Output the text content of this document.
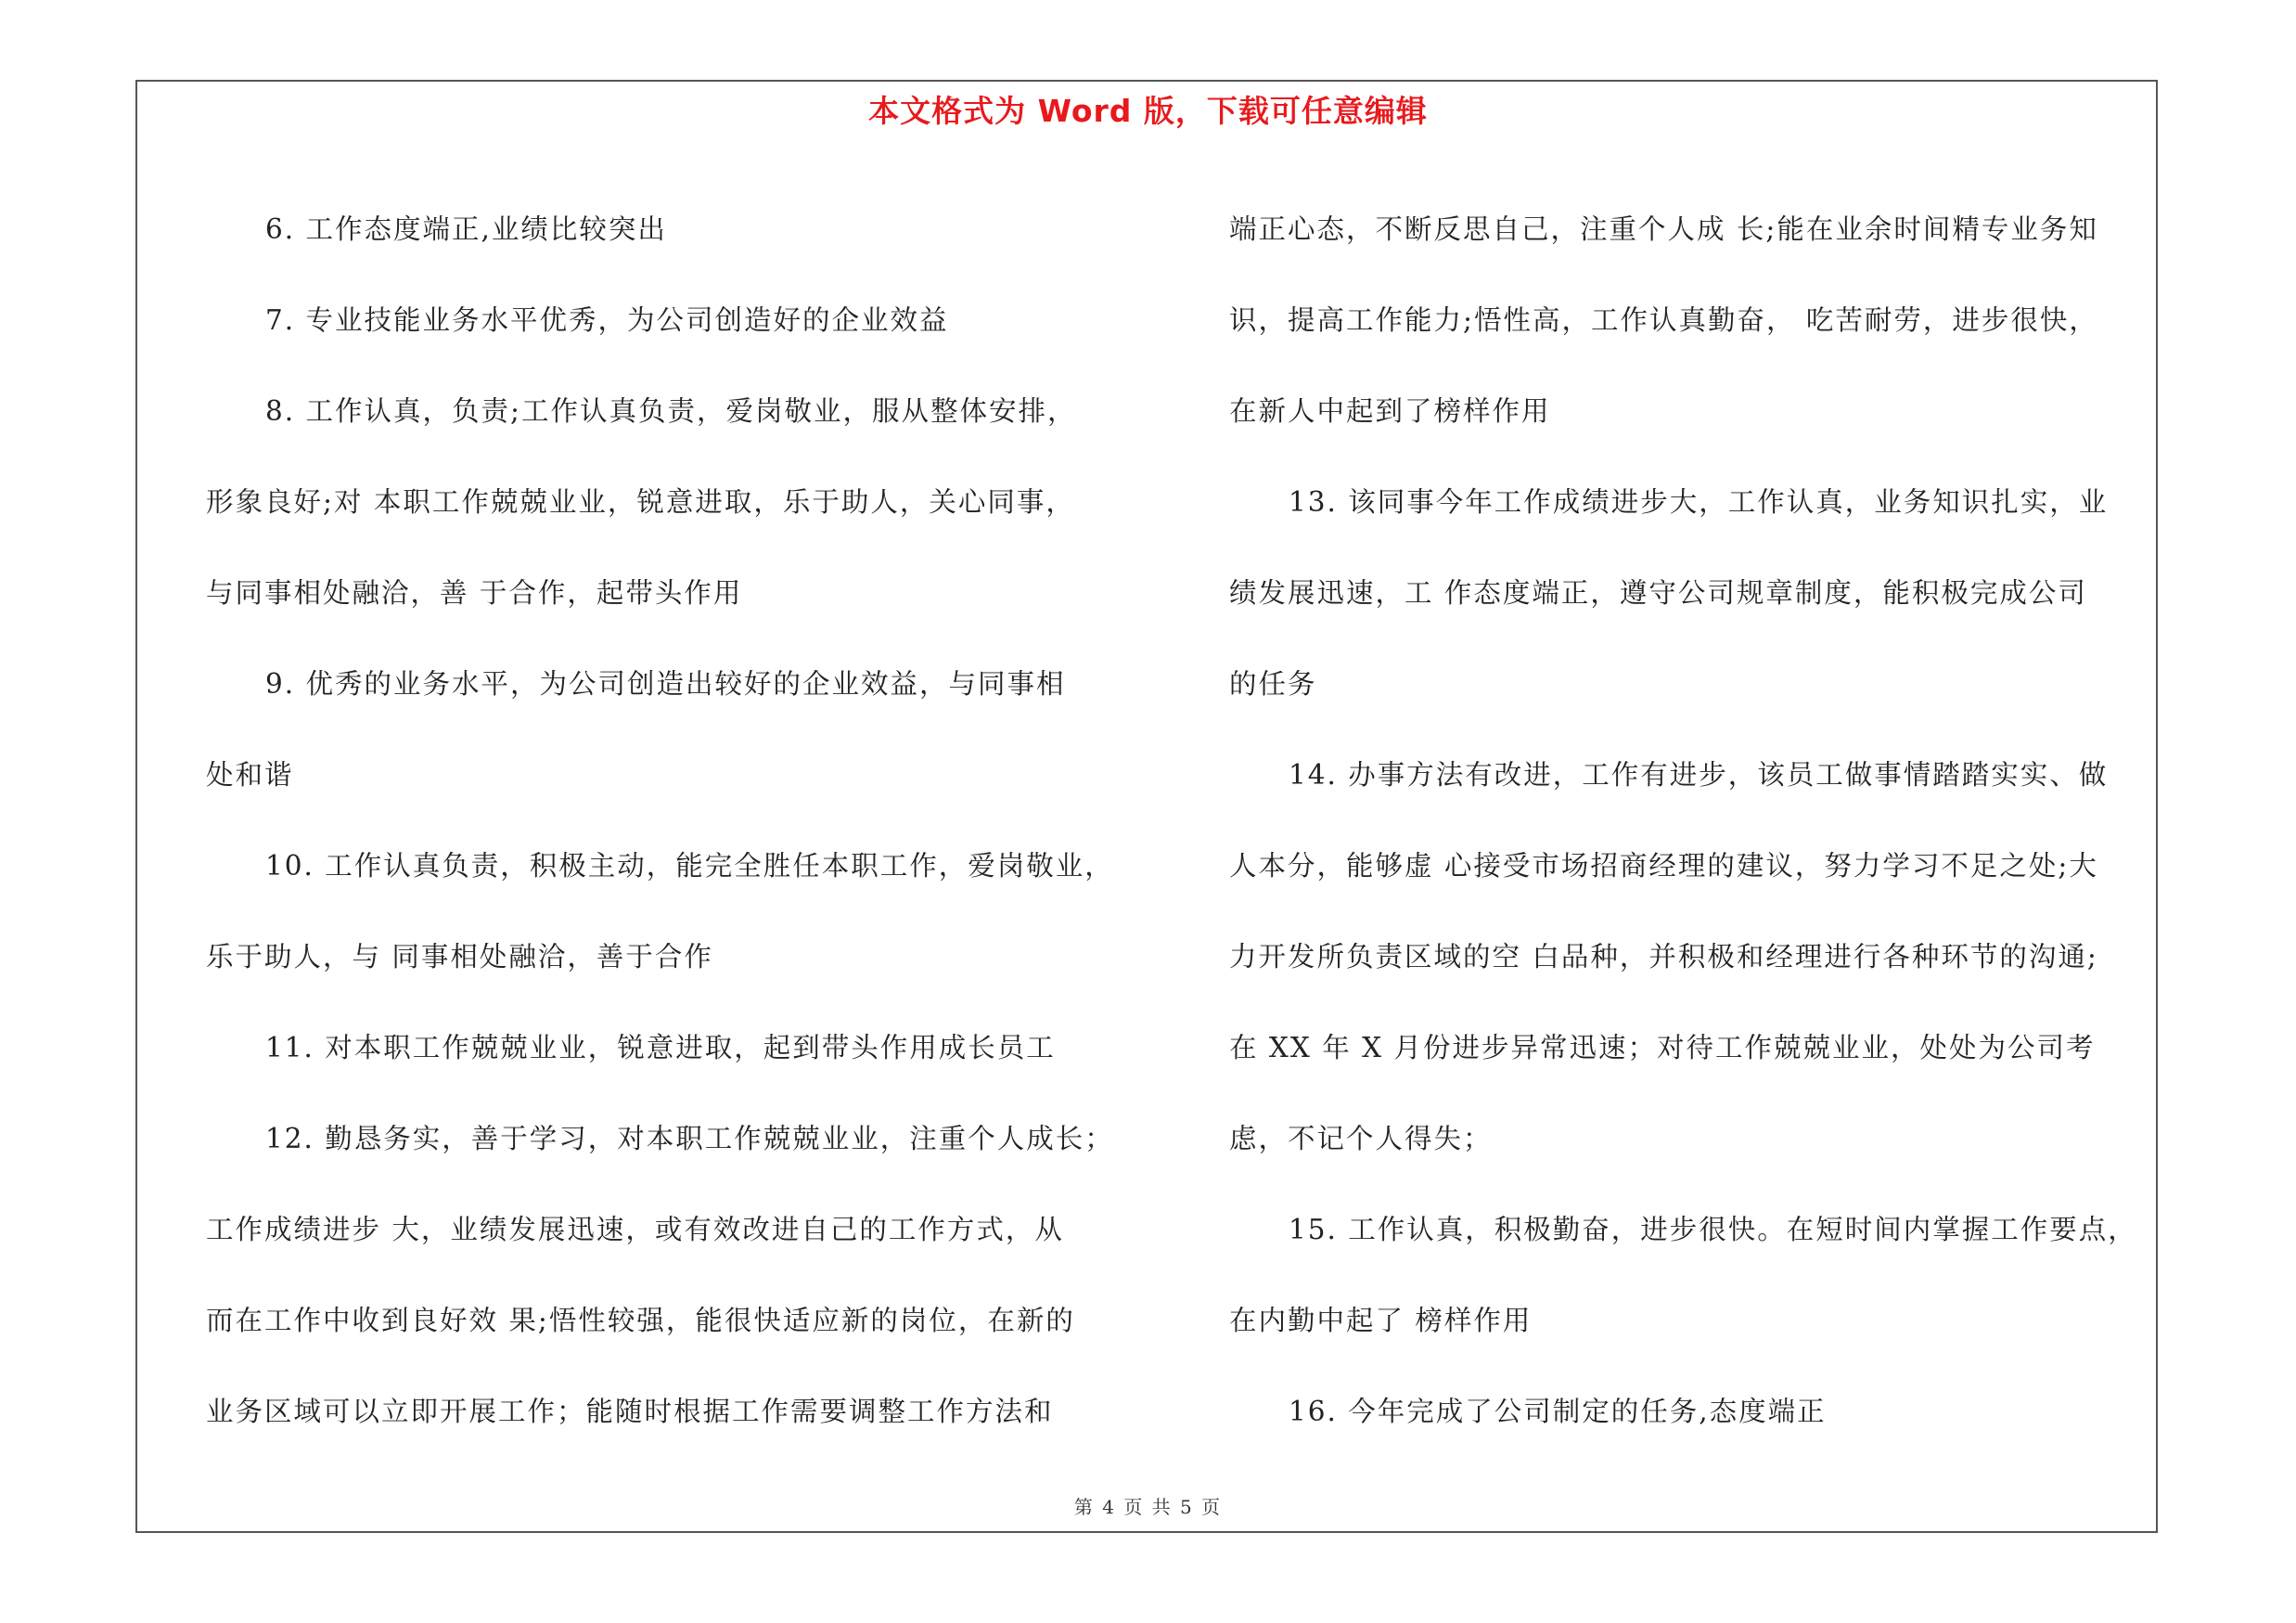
本文格式为 Word 版，下载可任意编辑
6. 工作态度端正,业绩比较突出
7. 专业技能业务水平优秀，为公司创造好的企业效益
8. 工作认真，负责;工作认真负责，爱岗敬业，服从整体安排，
形象良好;对 本职工作兢兢业业，锐意进取，乐于助人，关心同事，
与同事相处融洽，善 于合作，起带头作用
9. 优秀的业务水平，为公司创造出较好的企业效益，与同事相
处和谐
10. 工作认真负责，积极主动，能完全胜任本职工作，爱岗敬业，
乐于助人，与 同事相处融洽，善于合作
11. 对本职工作兢兢业业，锐意进取，起到带头作用成长员工
12. 勤恳务实，善于学习，对本职工作兢兢业业，注重个人成长；
工作成绩进步 大，业绩发展迅速，或有效改进自己的工作方式，从
而在工作中收到良好效 果;悟性较强，能很快适应新的岗位，在新的
业务区域可以立即开展工作；能随时根据工作需要调整工作方法和
端正心态，不断反思自己，注重个人成 长;能在业余时间精专业务知
识，提高工作能力;悟性高，工作认真勤奋， 吃苦耐劳，进步很快，
在新人中起到了榜样作用
13. 该同事今年工作成绩进步大，工作认真，业务知识扎实，业
绩发展迅速，工 作态度端正，遵守公司规章制度，能积极完成公司
的任务
14. 办事方法有改进，工作有进步，该员工做事情踏踏实实、做
人本分，能够虚 心接受市场招商经理的建议，努力学习不足之处;大
力开发所负责区域的空 白品种，并积极和经理进行各种环节的沟通;
在 XX 年 X 月份进步异常迅速；对待工作兢兢业业，处处为公司考
虑，不记个人得失；
15. 工作认真，积极勤奋，进步很快。在短时间内掌握工作要点，
在内勤中起了 榜样作用
16. 今年完成了公司制定的任务,态度端正
第 4 页 共 5 页
